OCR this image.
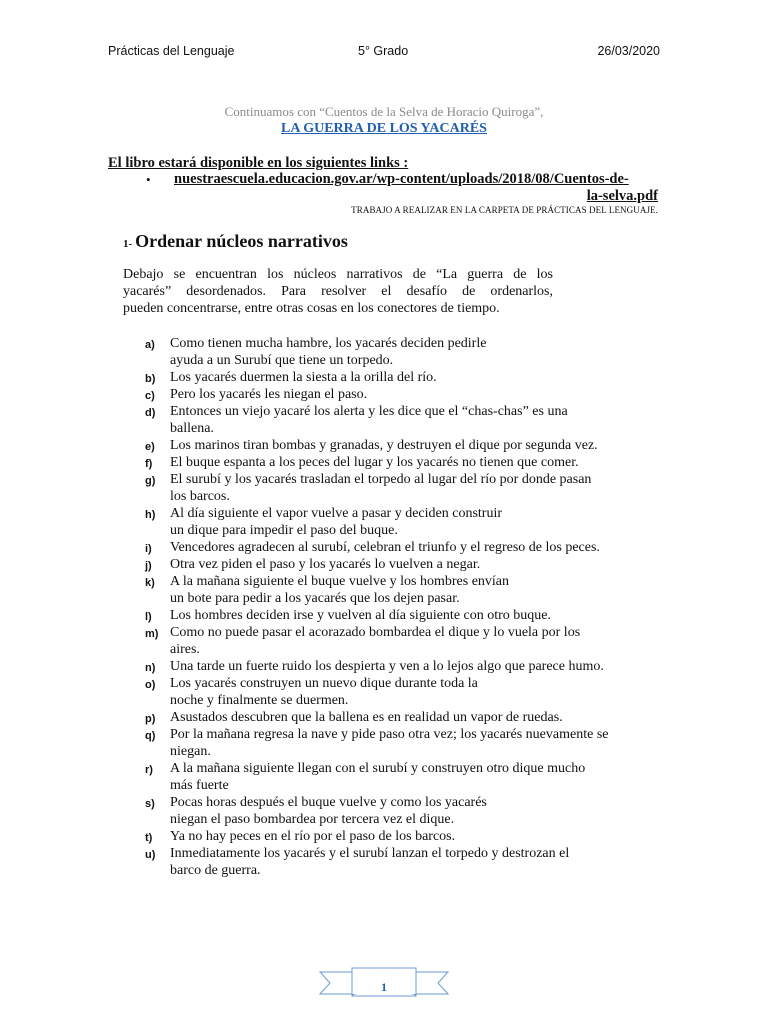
Prácticas del Lenguaje	5° Grado	26/03/2020
Continuamos con “Cuentos de la Selva de Horacio Quiroga”,
LA GUERRA DE LOS YACARÉS
El libro estará disponible en los siguientes links :
• nuestraescuela.educacion.gov.ar/wp-content/uploads/2018/08/Cuentos-de-
la-selva.pdf
TRABAJO A REALIZAR EN LA CARPETA DE PRÁCTICAS DEL LENGUAJE.
1- Ordenar núcleos narrativos
Debajo se encuentran los núcleos narrativos de “La guerra de los
yacarés” desordenados. Para resolver el desafío de ordenarlos,
pueden concentrarse, entre otras cosas en los conectores de tiempo.
a)	Como tienen mucha hambre, los yacarés deciden pedirle
ayuda a un Surubí que tiene un torpedo.
b)	Los yacarés duermen la siesta a la orilla del río.
c)	Pero los yacarés les niegan el paso.
d)	Entonces un viejo yacaré los alerta y les dice que el “chas-chas” es una
ballena.
e)	Los marinos tiran bombas y granadas, y destruyen el dique por segunda vez.
f)	El buque espanta a los peces del lugar y los yacarés no tienen que comer.
g)	El surubí y los yacarés trasladan el torpedo al lugar del río por donde pasan
los barcos.
h)	Al día siguiente el vapor vuelve a pasar y deciden construir
un dique para impedir el paso del buque.
i)	Vencedores agradecen al surubí, celebran el triunfo y el regreso de los peces.
j)	Otra vez piden el paso y los yacarés lo vuelven a negar.
k)	A la mañana siguiente el buque vuelve y los hombres envían
un bote para pedir a los yacarés que los dejen pasar.
l)	Los hombres deciden irse y vuelven al día siguiente con otro buque.
m) Como no puede pasar el acorazado bombardea el dique y lo vuela por los
aires.
n)	Una tarde un fuerte ruido los despierta y ven a lo lejos algo que parece humo.
o)	Los yacarés construyen un nuevo dique durante toda la
noche y finalmente se duermen.
p)	Asustados descubren que la ballena es en realidad un vapor de ruedas.
q)	Por la mañana regresa la nave y pide paso otra vez; los yacarés nuevamente se
niegan.
r)	A la mañana siguiente llegan con el surubí y construyen otro dique mucho
más fuerte
s)	Pocas horas después el buque vuelve y como los yacarés
niegan el paso bombardea por tercera vez el dique.
t)	Ya no hay peces en el río por el paso de los barcos.
u)	Inmediatamente los yacarés y el surubí lanzan el torpedo y destrozan el
barco de guerra.
1
